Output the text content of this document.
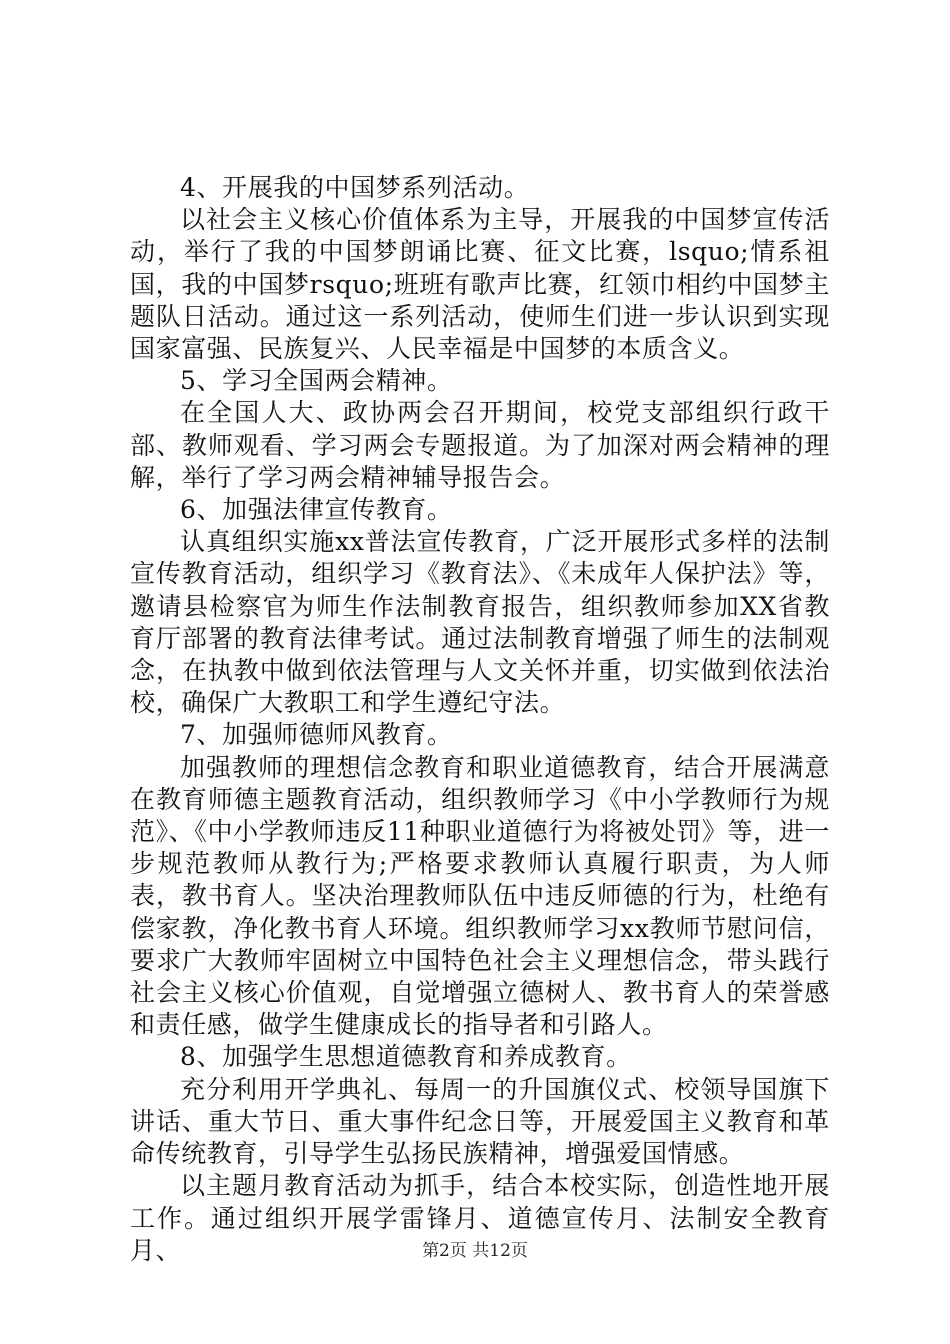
4、开展我的中国梦系列活动。

以社会主义核心价值体系为主导，开展我的中国梦宣传活动，举行了我的中国梦朗诵比赛、征文比赛，lsquo;情系祖国，我的中国梦rsquo;班班有歌声比赛，红领巾相约中国梦主题队日活动。通过这一系列活动，使师生们进一步认识到实现国家富强、民族复兴、人民幸福是中国梦的本质含义。

5、学习全国两会精神。

在全国人大、政协两会召开期间，校党支部组织行政干部、教师观看、学习两会专题报道。为了加深对两会精神的理解，举行了学习两会精神辅导报告会。

6、加强法律宣传教育。

认真组织实施xx普法宣传教育，广泛开展形式多样的法制宣传教育活动，组织学习《教育法》、《未成年人保护法》等，邀请县检察官为师生作法制教育报告，组织教师参加XX省教育厅部署的教育法律考试。通过法制教育增强了师生的法制观念，在执教中做到依法管理与人文关怀并重，切实做到依法治校，确保广大教职工和学生遵纪守法。

7、加强师德师风教育。

加强教师的理想信念教育和职业道德教育，结合开展满意在教育师德主题教育活动，组织教师学习《中小学教师行为规范》、《中小学教师违反11种职业道德行为将被处罚》等，进一步规范教师从教行为;严格要求教师认真履行职责，为人师表，教书育人。坚决治理教师队伍中违反师德的行为，杜绝有偿家教，净化教书育人环境。组织教师学习xx教师节慰问信，要求广大教师牢固树立中国特色社会主义理想信念，带头践行社会主义核心价值观，自觉增强立德树人、教书育人的荣誉感和责任感，做学生健康成长的指导者和引路人。

8、加强学生思想道德教育和养成教育。

充分利用开学典礼、每周一的升国旗仪式、校领导国旗下讲话、重大节日、重大事件纪念日等，开展爱国主义教育和革命传统教育，引导学生弘扬民族精神，增强爱国情感。

以主题月教育活动为抓手，结合本校实际，创造性地开展工作。通过组织开展学雷锋月、道德宣传月、法制安全教育月、	第2页 共12页
